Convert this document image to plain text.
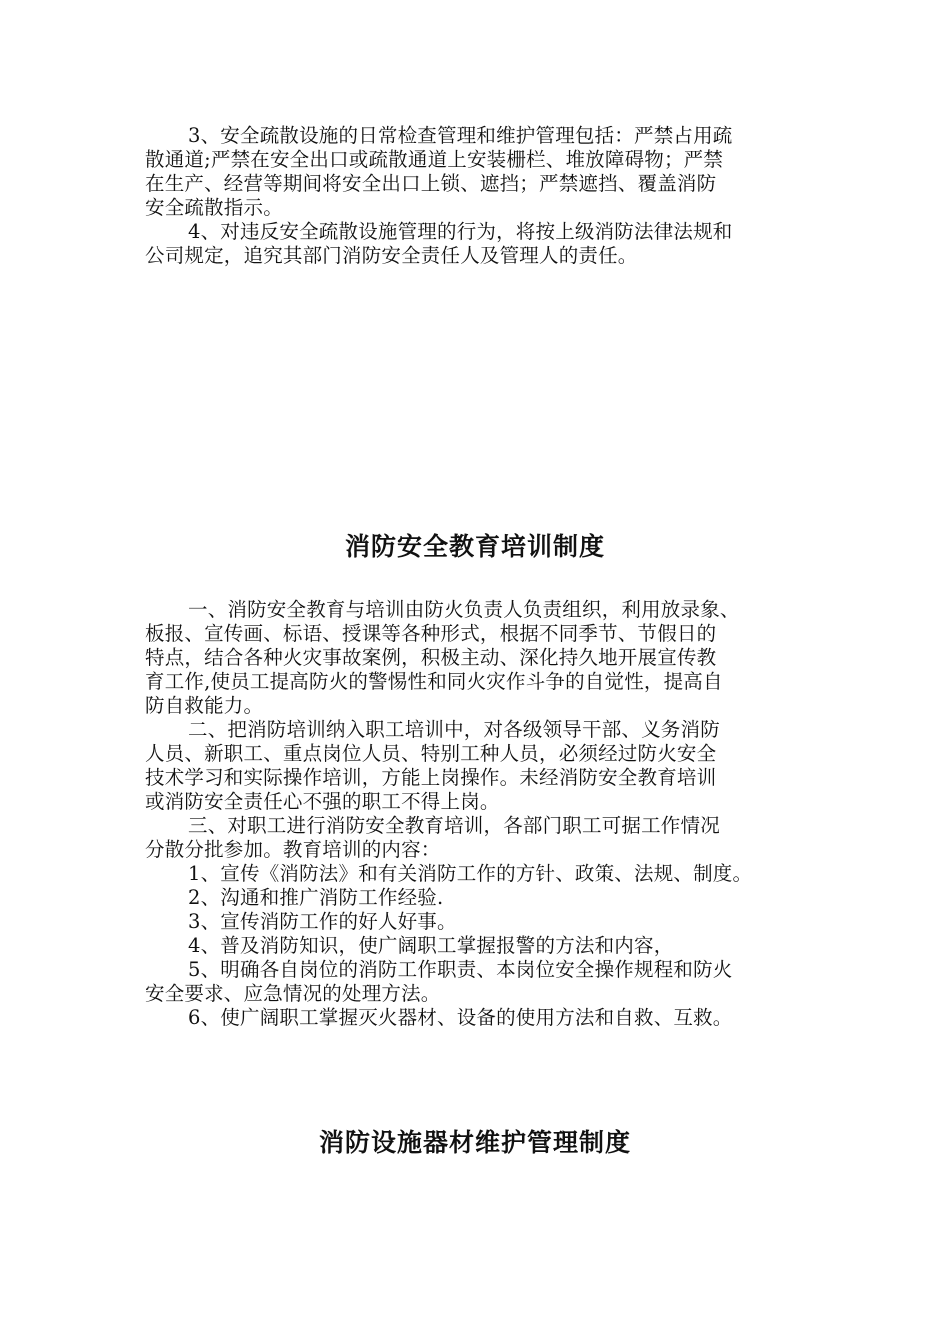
3、安全疏散设施的日常检查管理和维护管理包括：严禁占用疏
散通道;严禁在安全出口或疏散通道上安装栅栏、堆放障碍物；严禁
在生产、经营等期间将安全出口上锁、遮挡；严禁遮挡、覆盖消防
安全疏散指示。
4、对违反安全疏散设施管理的行为，将按上级消防法律法规和
公司规定，追究其部门消防安全责任人及管理人的责任。
消防安全教育培训制度
一、消防安全教育与培训由防火负责人负责组织，利用放录象、
板报、宣传画、标语、授课等各种形式，根据不同季节、节假日的
特点，结合各种火灾事故案例，积极主动、深化持久地开展宣传教
育工作,使员工提高防火的警惕性和同火灾作斗争的自觉性，提高自
防自救能力。
二、把消防培训纳入职工培训中，对各级领导干部、义务消防
人员、新职工、重点岗位人员、特别工种人员，必须经过防火安全
技术学习和实际操作培训，方能上岗操作。未经消防安全教育培训
或消防安全责任心不强的职工不得上岗。
三、对职工进行消防安全教育培训，各部门职工可据工作情况
分散分批参加。教育培训的内容：
1、宣传《消防法》和有关消防工作的方针、政策、法规、制度。
2、沟通和推广消防工作经验.
3、宣传消防工作的好人好事。
4、普及消防知识，使广阔职工掌握报警的方法和内容，
5、明确各自岗位的消防工作职责、本岗位安全操作规程和防火
安全要求、应急情况的处理方法。
6、使广阔职工掌握灭火器材、设备的使用方法和自救、互救。
消防设施器材维护管理制度
